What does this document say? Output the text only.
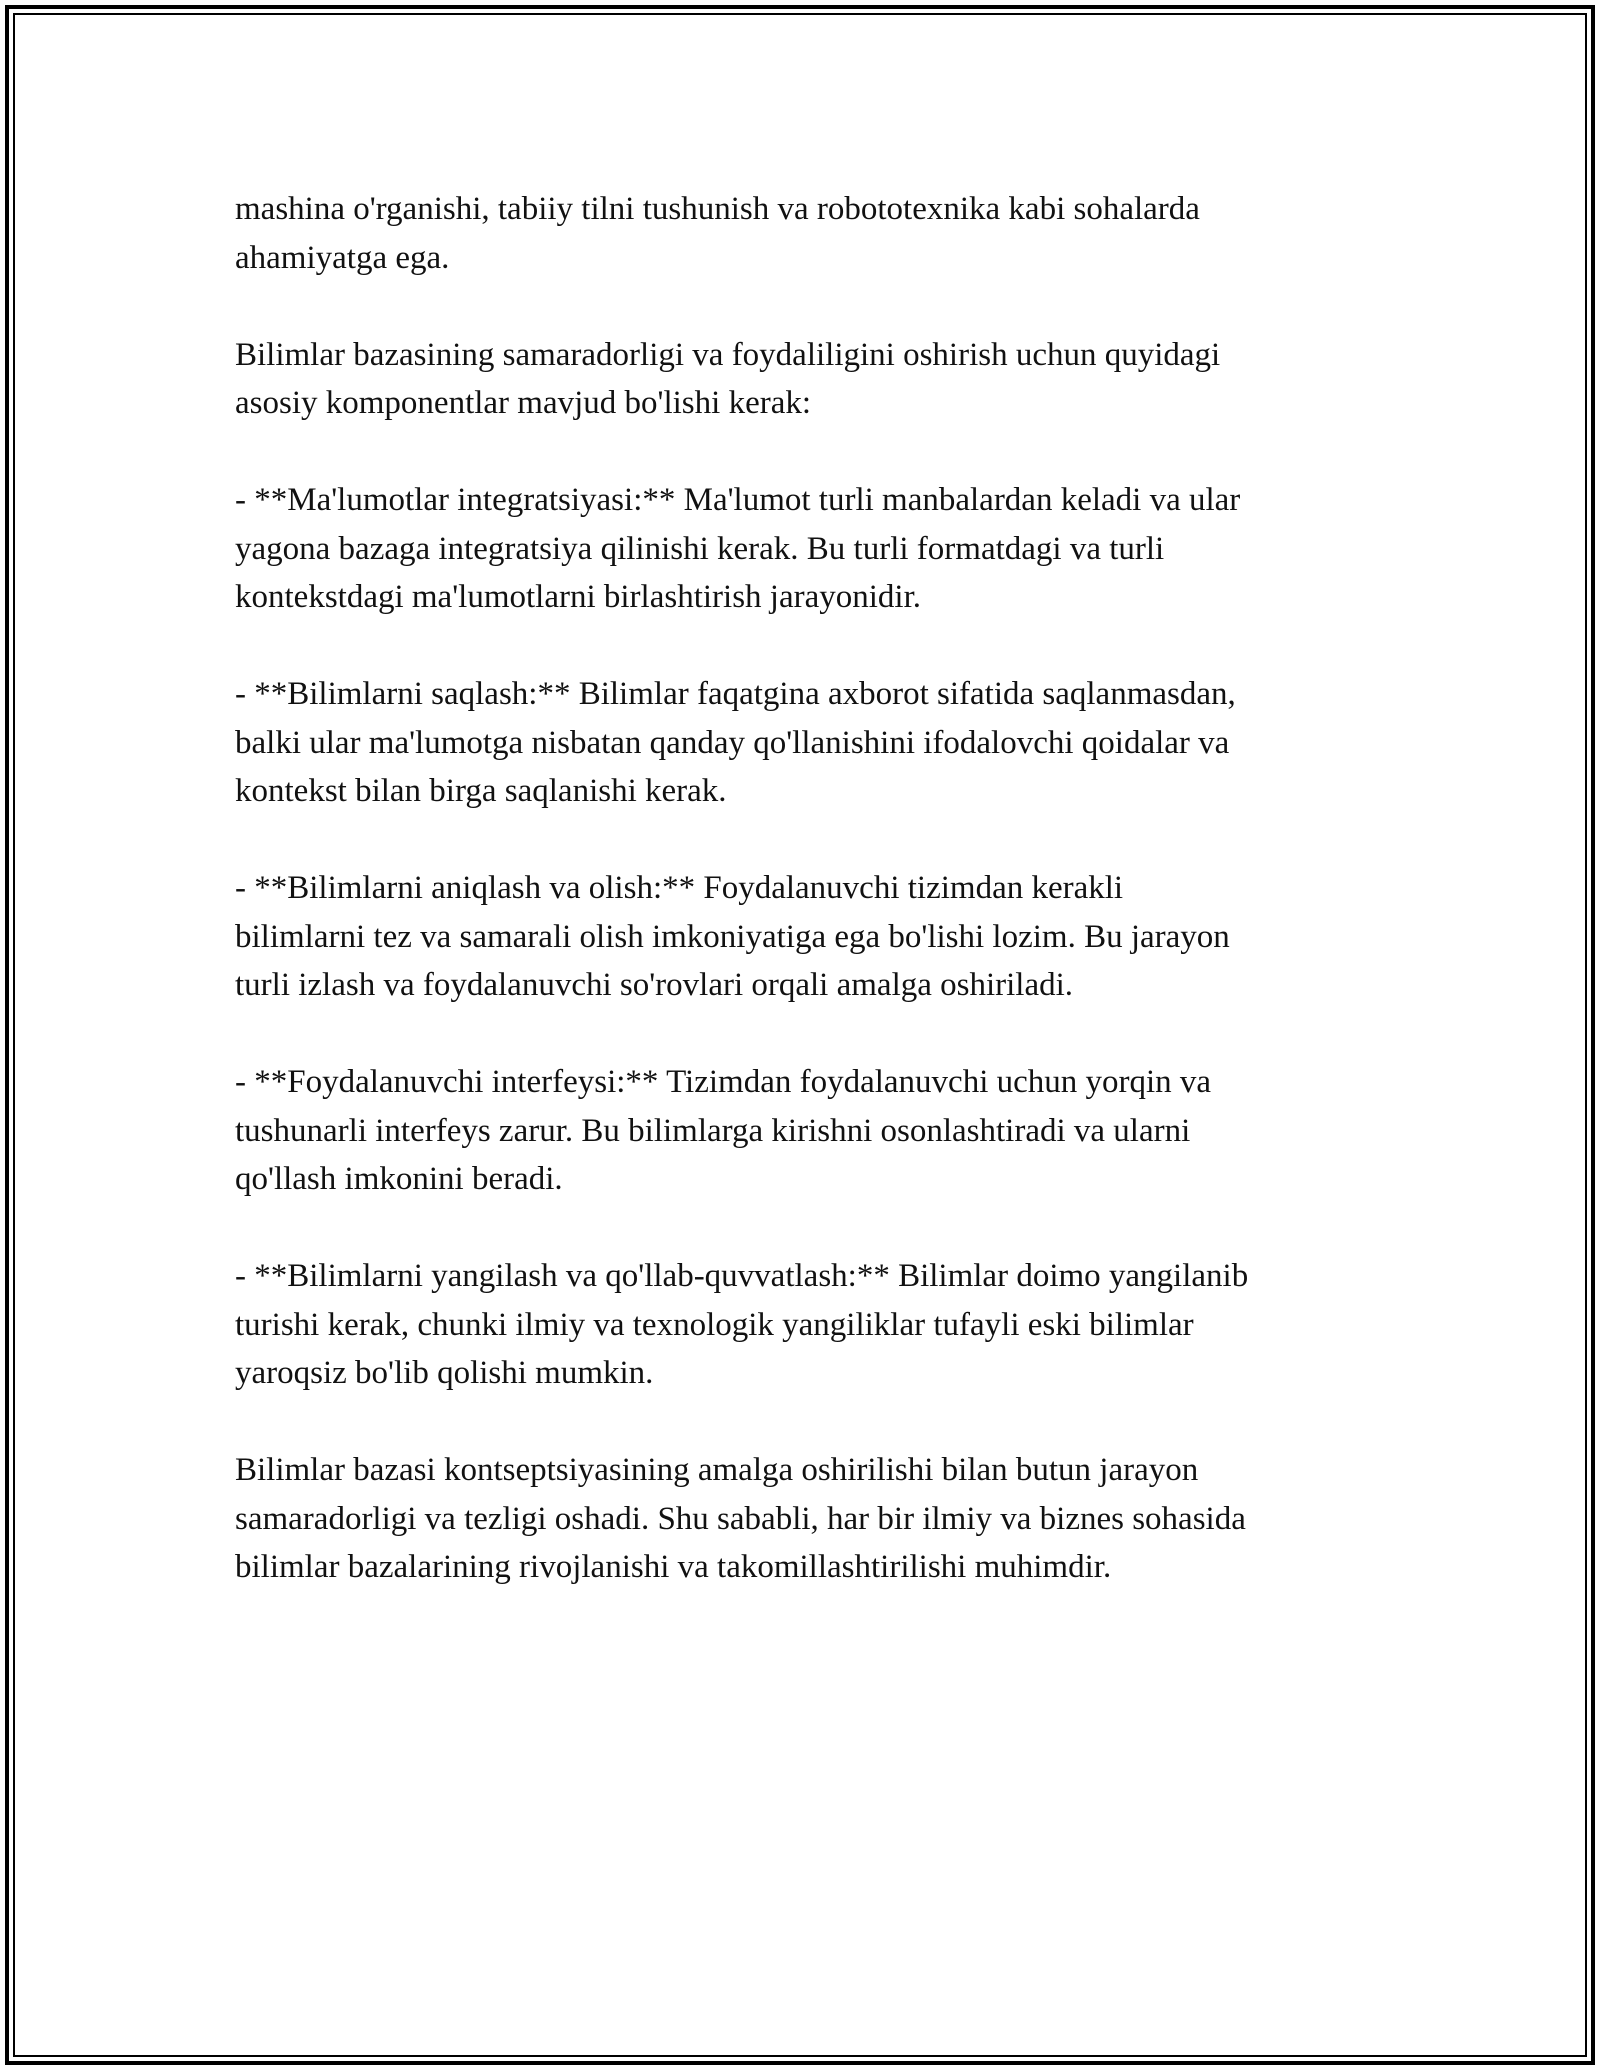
mashina o'rganishi, tabiiy tilni tushunish va robototexnika kabi sohalarda
ahamiyatga ega.

Bilimlar bazasining samaradorligi va foydaliligini oshirish uchun quyidagi
asosiy komponentlar mavjud bo'lishi kerak:

- **Ma'lumotlar integratsiyasi:** Ma'lumot turli manbalardan keladi va ular
yagona bazaga integratsiya qilinishi kerak. Bu turli formatdagi va turli
kontekstdagi ma'lumotlarni birlashtirish jarayonidir.

- **Bilimlarni saqlash:** Bilimlar faqatgina axborot sifatida saqlanmasdan,
balki ular ma'lumotga nisbatan qanday qo'llanishini ifodalovchi qoidalar va
kontekst bilan birga saqlanishi kerak.

- **Bilimlarni aniqlash va olish:** Foydalanuvchi tizimdan kerakli
bilimlarni tez va samarali olish imkoniyatiga ega bo'lishi lozim. Bu jarayon
turli izlash va foydalanuvchi so'rovlari orqali amalga oshiriladi.

- **Foydalanuvchi interfeysi:** Tizimdan foydalanuvchi uchun yorqin va
tushunarli interfeys zarur. Bu bilimlarga kirishni osonlashtiradi va ularni
qo'llash imkonini beradi.

- **Bilimlarni yangilash va qo'llab-quvvatlash:** Bilimlar doimo yangilanib
turishi kerak, chunki ilmiy va texnologik yangiliklar tufayli eski bilimlar
yaroqsiz bo'lib qolishi mumkin.

Bilimlar bazasi kontseptsiyasining amalga oshirilishi bilan butun jarayon
samaradorligi va tezligi oshadi. Shu sababli, har bir ilmiy va biznes sohasida
bilimlar bazalarining rivojlanishi va takomillashtirilishi muhimdir.
